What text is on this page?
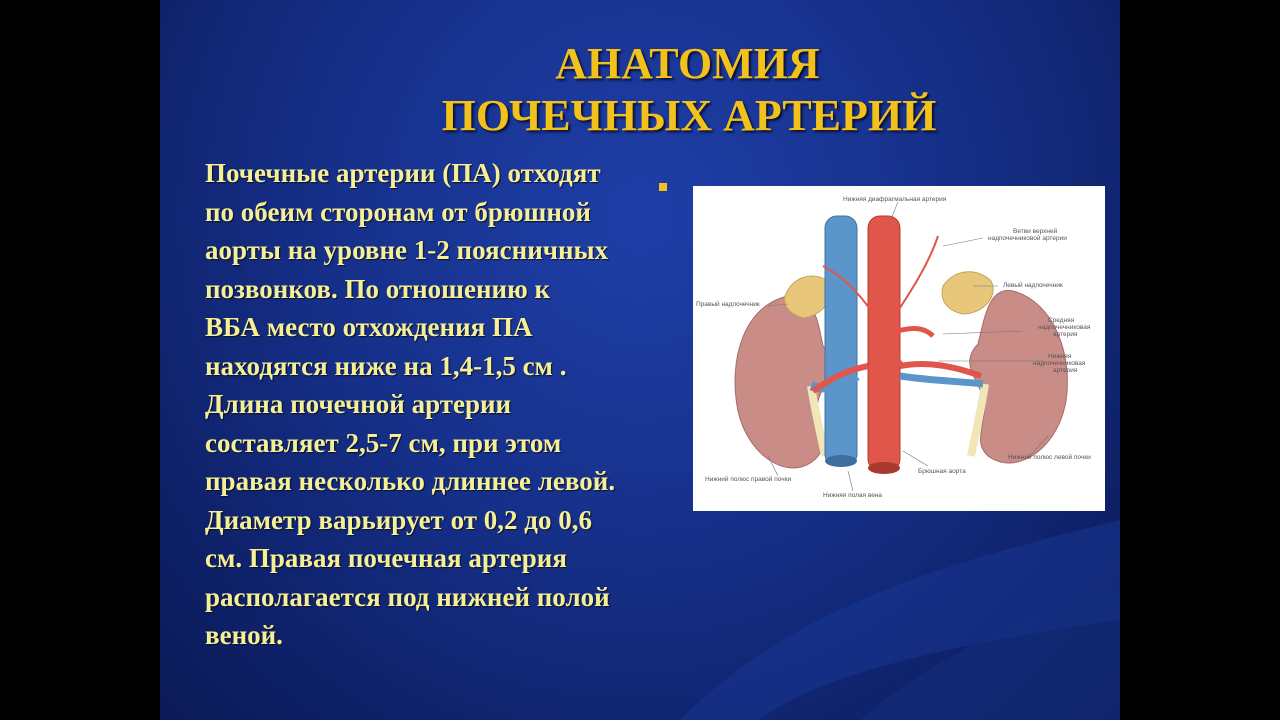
АНАТОМИЯ
ПОЧЕЧНЫХ АРТЕРИЙ
Почечные артерии (ПА) отходят
по обеим сторонам от брюшной
аорты на уровне 1-2 поясничных
позвонков. По отношению к
ВБА место отхождения ПА
находятся ниже на 1,4-1,5 см .
Длина почечной артерии
составляет 2,5-7 см, при этом
правая несколько длиннее левой.
Диаметр варьирует от 0,2 до 0,6
см. Правая почечная артерия
располагается под нижней полой
веной.
Нижняя диафрагмальная артерия
Ветви верхней
надпочечниковой артерии
Левый надпочечник
Правый надпочечник
Средняя
надпочечниковая
артерия
Нижняя
надпочечниковая
артерия
Нижний полюс правой почки
Нижний полюс левой почки
Брюшная аорта
Нижняя полая вена
